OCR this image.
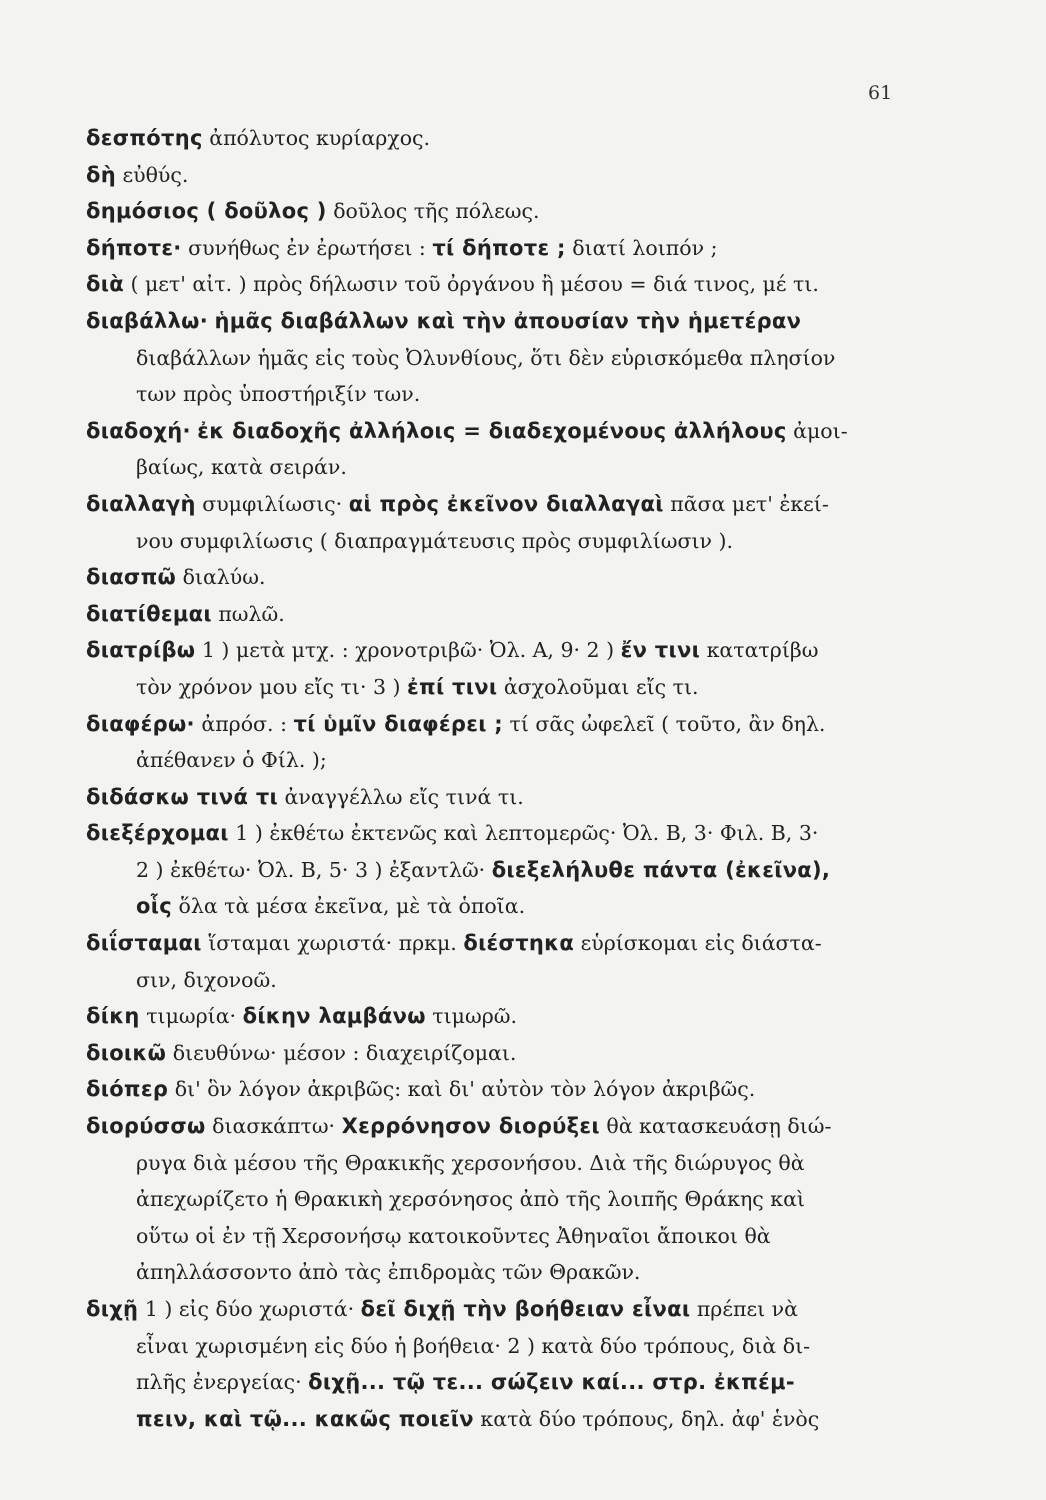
61
δεσπότης ἀπόλυτος κυρίαρχος.
δὴ εὐθύς.
δημόσιος ( δοῦλος ) δοῦλος τῆς πόλεως.
δήποτε· συνήθως ἐν ἐρωτήσει : τί δήποτε ; διατί λοιπόν ;
διὰ ( μετ' αἰτ. ) πρὸς δήλωσιν τοῦ ὀργάνου ἢ μέσου = διά τινος, μέ τι.
διαβάλλω· ἡμᾶς διαβάλλων καὶ τὴν ἀπουσίαν τὴν ἡμετέραν
διαβάλλων ἡμᾶς εἰς τοὺς Ὀλυνθίους, ὅτι δὲν εὑρισκόμεθα πλησίον
των πρὸς ὑποστήριξίν των.
διαδοχή· ἐκ διαδοχῆς ἀλλήλοις = διαδεχομένους ἀλλήλους ἀμοι-
βαίως, κατὰ σειράν.
διαλλαγὴ συμφιλίωσις· αἱ πρὸς ἐκεῖνον διαλλαγαὶ πᾶσα μετ' ἐκεί-
νου συμφιλίωσις ( διαπραγμάτευσις πρὸς συμφιλίωσιν ).
διασπῶ διαλύω.
διατίθεμαι πωλῶ.
διατρίβω 1 ) μετὰ μτχ. : χρονοτριβῶ· Ὀλ. Α, 9· 2 ) ἔν τινι κατατρίβω
τὸν χρόνον μου εἴς τι· 3 ) ἐπί τινι ἀσχολοῦμαι εἴς τι.
διαφέρω· ἀπρόσ. : τί ὑμῖν διαφέρει ; τί σᾶς ὠφελεῖ ( τοῦτο, ἂν δηλ.
ἀπέθανεν ὁ Φίλ. );
διδάσκω τινά τι ἀναγγέλλω εἴς τινά τι.
διεξέρχομαι 1 ) ἐκθέτω ἐκτενῶς καὶ λεπτομερῶς· Ὀλ. Β, 3· Φιλ. Β, 3·
2 ) ἐκθέτω· Ὀλ. Β, 5· 3 ) ἐξαντλῶ· διεξελήλυθε πάντα (ἐκεῖνα),
οἷς ὅλα τὰ μέσα ἐκεῖνα, μὲ τὰ ὁποῖα.
διΐσταμαι ἵσταμαι χωριστά· πρκμ. διέστηκα εὑρίσκομαι εἰς διάστα-
σιν, διχονοῶ.
δίκη τιμωρία· δίκην λαμβάνω τιμωρῶ.
διοικῶ διευθύνω· μέσον : διαχειρίζομαι.
διόπερ δι' ὃν λόγον ἀκριβῶς: καὶ δι' αὐτὸν τὸν λόγον ἀκριβῶς.
διορύσσω διασκάπτω· Χερρόνησον διορύξει θὰ κατασκευάσῃ διώ-
ρυγα διὰ μέσου τῆς Θρακικῆς χερσονήσου. Διὰ τῆς διώρυγος θὰ
ἀπεχωρίζετο ἡ Θρακικὴ χερσόνησος ἀπὸ τῆς λοιπῆς Θράκης καὶ
οὕτω οἱ ἐν τῇ Χερσονήσῳ κατοικοῦντες Ἀθηναῖοι ἄποικοι θὰ
ἀπηλλάσσοντο ἀπὸ τὰς ἐπιδρομὰς τῶν Θρακῶν.
διχῇ 1 ) εἰς δύο χωριστά· δεῖ διχῇ τὴν βοήθειαν εἶναι πρέπει νὰ
εἶναι χωρισμένη εἰς δύο ἡ βοήθεια· 2 ) κατὰ δύο τρόπους, διὰ δι-
πλῆς ἐνεργείας· διχῇ... τῷ τε... σώζειν καί... στρ. ἐκπέμ-
πειν, καὶ τῷ... κακῶς ποιεῖν κατὰ δύο τρόπους, δηλ. ἀφ' ἑνὸς
